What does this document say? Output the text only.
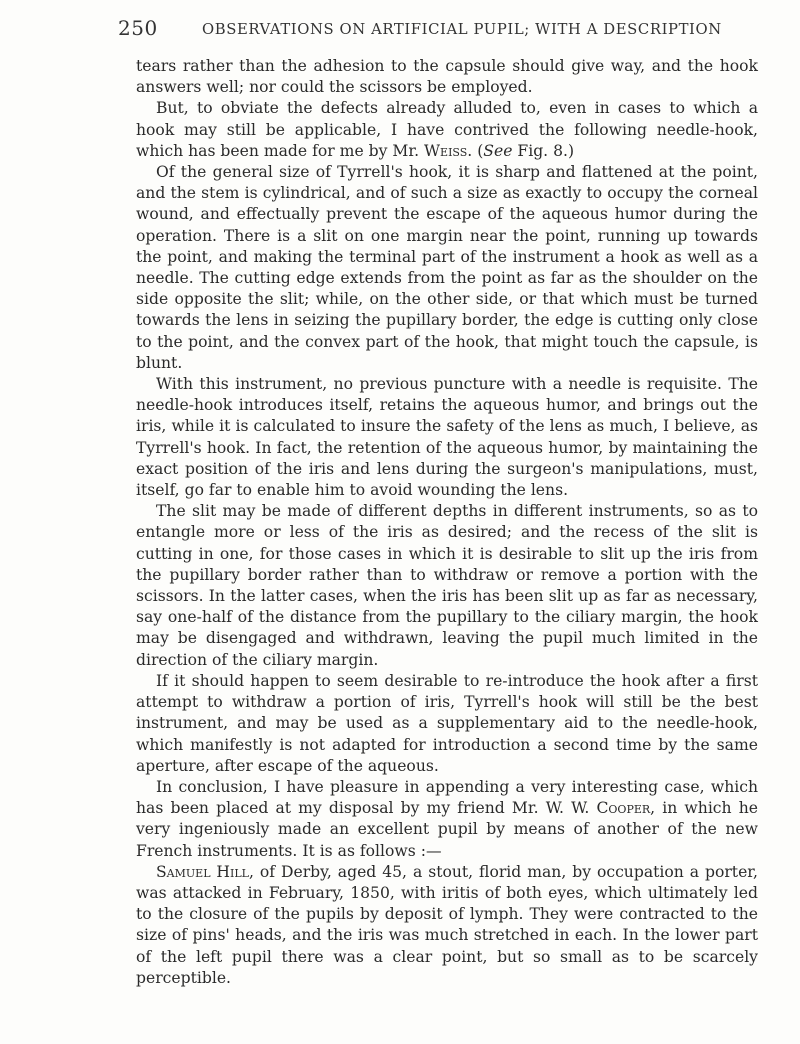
250	OBSERVATIONS ON ARTIFICIAL PUPIL; WITH A DESCRIPTION

tears rather than the adhesion to the capsule should give way, and the hook answers well; nor could the scissors be employed.

But, to obviate the defects already alluded to, even in cases to which a hook may still be applicable, I have contrived the following needle-hook, which has been made for me by Mr. Weiss. (See Fig. 8.)

Of the general size of Tyrrell's hook, it is sharp and flattened at the point, and the stem is cylindrical, and of such a size as exactly to occupy the corneal wound, and effectually prevent the escape of the aqueous humor during the operation. There is a slit on one margin near the point, running up towards the point, and making the terminal part of the instrument a hook as well as a needle. The cutting edge extends from the point as far as the shoulder on the side opposite the slit; while, on the other side, or that which must be turned towards the lens in seizing the pupillary border, the edge is cutting only close to the point, and the convex part of the hook, that might touch the capsule, is blunt.

With this instrument, no previous puncture with a needle is requisite. The needle-hook introduces itself, retains the aqueous humor, and brings out the iris, while it is calculated to insure the safety of the lens as much, I believe, as Tyrrell's hook. In fact, the retention of the aqueous humor, by maintaining the exact position of the iris and lens during the surgeon's manipulations, must, itself, go far to enable him to avoid wounding the lens.

The slit may be made of different depths in different instruments, so as to entangle more or less of the iris as desired; and the recess of the slit is cutting in one, for those cases in which it is desirable to slit up the iris from the pupillary border rather than to withdraw or remove a portion with the scissors. In the latter cases, when the iris has been slit up as far as necessary, say one-half of the distance from the pupillary to the ciliary margin, the hook may be disengaged and withdrawn, leaving the pupil much limited in the direction of the ciliary margin.

If it should happen to seem desirable to re-introduce the hook after a first attempt to withdraw a portion of iris, Tyrrell's hook will still be the best instrument, and may be used as a supplementary aid to the needle-hook, which manifestly is not adapted for introduction a second time by the same aperture, after escape of the aqueous.

In conclusion, I have pleasure in appending a very interesting case, which has been placed at my disposal by my friend Mr. W. W. Cooper, in which he very ingeniously made an excellent pupil by means of another of the new French instruments. It is as follows :—

Samuel Hill, of Derby, aged 45, a stout, florid man, by occupation a porter, was attacked in February, 1850, with iritis of both eyes, which ultimately led to the closure of the pupils by deposit of lymph. They were contracted to the size of pins' heads, and the iris was much stretched in each. In the lower part of the left pupil there was a clear point, but so small as to be scarcely perceptible.
